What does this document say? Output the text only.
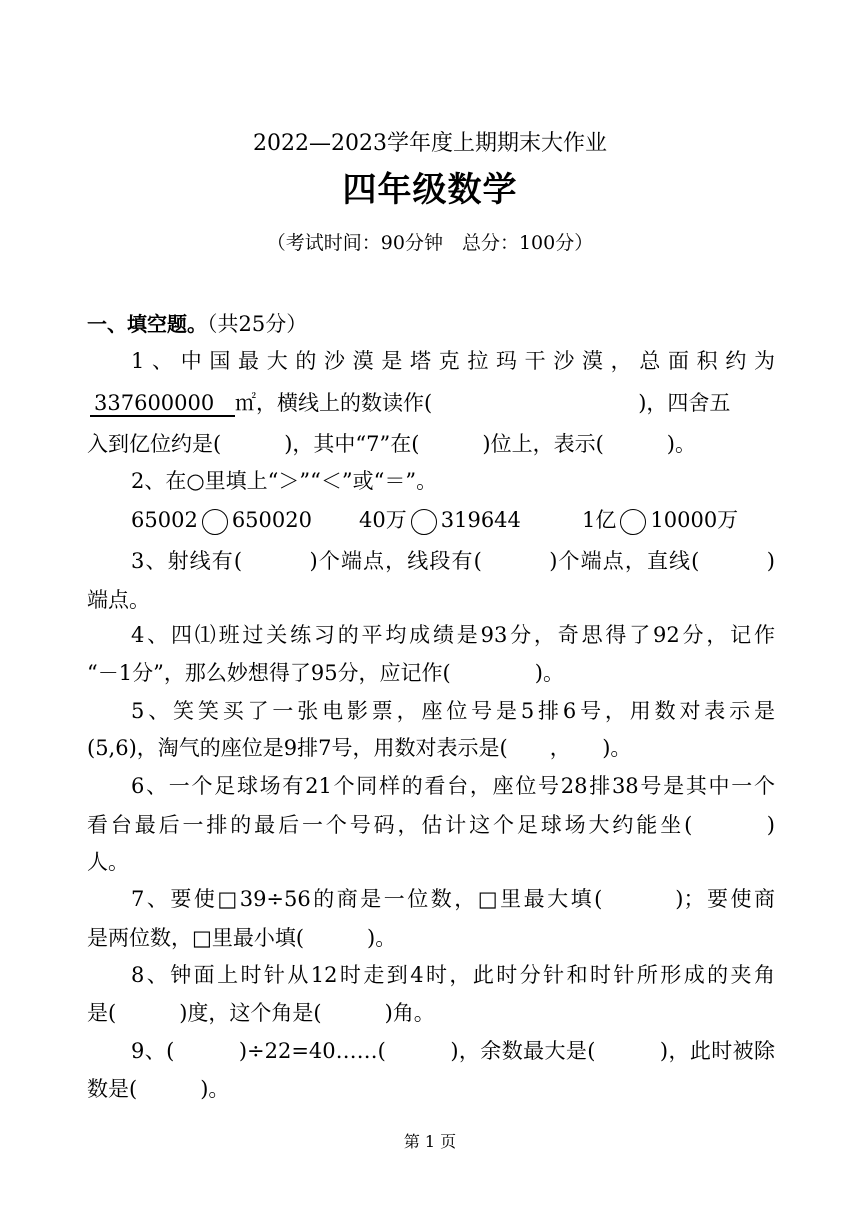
2022—2023学年度上期期末大作业
四年级数学
（考试时间：90分钟　总分：100分）
一、填空题。（共25分）
1、中国最大的沙漠是塔克拉玛干沙漠，总面积约为
337600000 ㎡，横线上的数读作(	)，四舍五
入到亿位约是(　　　)，其中“7”在(　　　)位上，表示(　　　)。
2、在○里填上“＞”“＜”或“＝”。
65002 650020 40万 319644	1亿 10000万
3、射线有(　　　)个端点，线段有(　　　)个端点，直线(　　　)
端点。
4、四⑴班过关练习的平均成绩是93分，奇思得了92分，记作
“－1分”，那么妙想得了95分，应记作(　　　　)。
5、笑笑买了一张电影票，座位号是5排6号，用数对表示是
(5,6)，淘气的座位是9排7号，用数对表示是(　　，　　)。
6、一个足球场有21个同样的看台，座位号28排38号是其中一个
看台最后一排的最后一个号码，估计这个足球场大约能坐(　　　)
人。
7、要使□39÷56的商是一位数，□里最大填(　　　)；要使商
是两位数，□里最小填(　　　)。
8、钟面上时针从12时走到4时，此时分针和时针所形成的夹角
是(　　　)度，这个角是(　　　)角。
9、(　　　)÷22=40……(　　　)，余数最大是(　　　)，此时被除
数是(　　　)。
第 1 页
